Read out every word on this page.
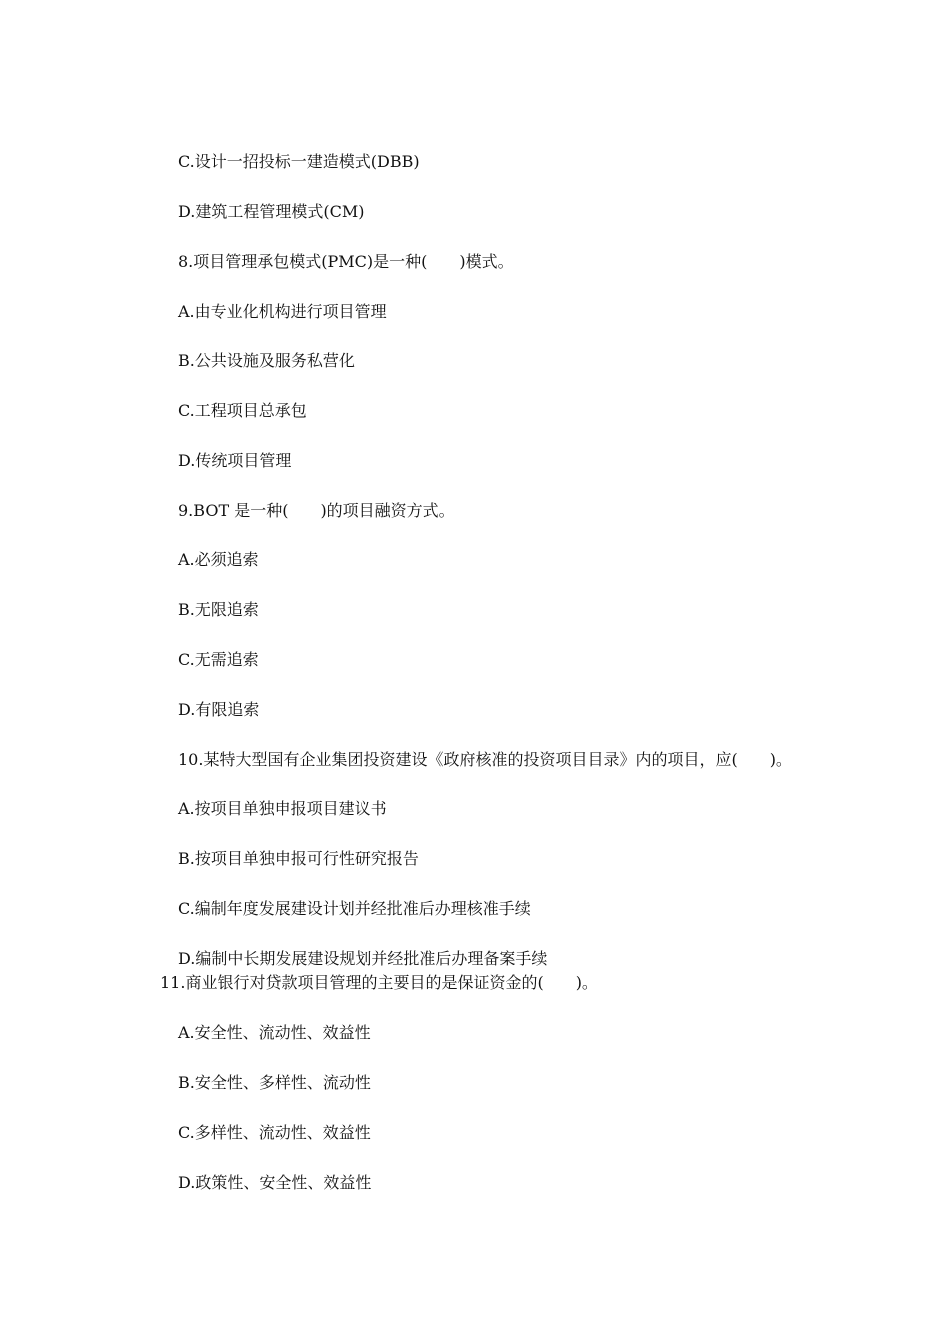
C.设计一招投标一建造模式(DBB)
D.建筑工程管理模式(CM)
8.项目管理承包模式(PMC)是一种(　　)模式。
A.由专业化机构进行项目管理
B.公共设施及服务私营化
C.工程项目总承包
D.传统项目管理
9.BOT 是一种(　　)的项目融资方式。
A.必须追索
B.无限追索
C.无需追索
D.有限追索
10.某特大型国有企业集团投资建设《政府核准的投资项目目录》内的项目，应(　　)。
A.按项目单独申报项目建议书
B.按项目单独申报可行性研究报告
C.编制年度发展建设计划并经批准后办理核准手续
D.编制中长期发展建设规划并经批准后办理备案手续
11.商业银行对贷款项目管理的主要目的是保证资金的(　　)。
A.安全性、流动性、效益性
B.安全性、多样性、流动性
C.多样性、流动性、效益性
D.政策性、安全性、效益性
